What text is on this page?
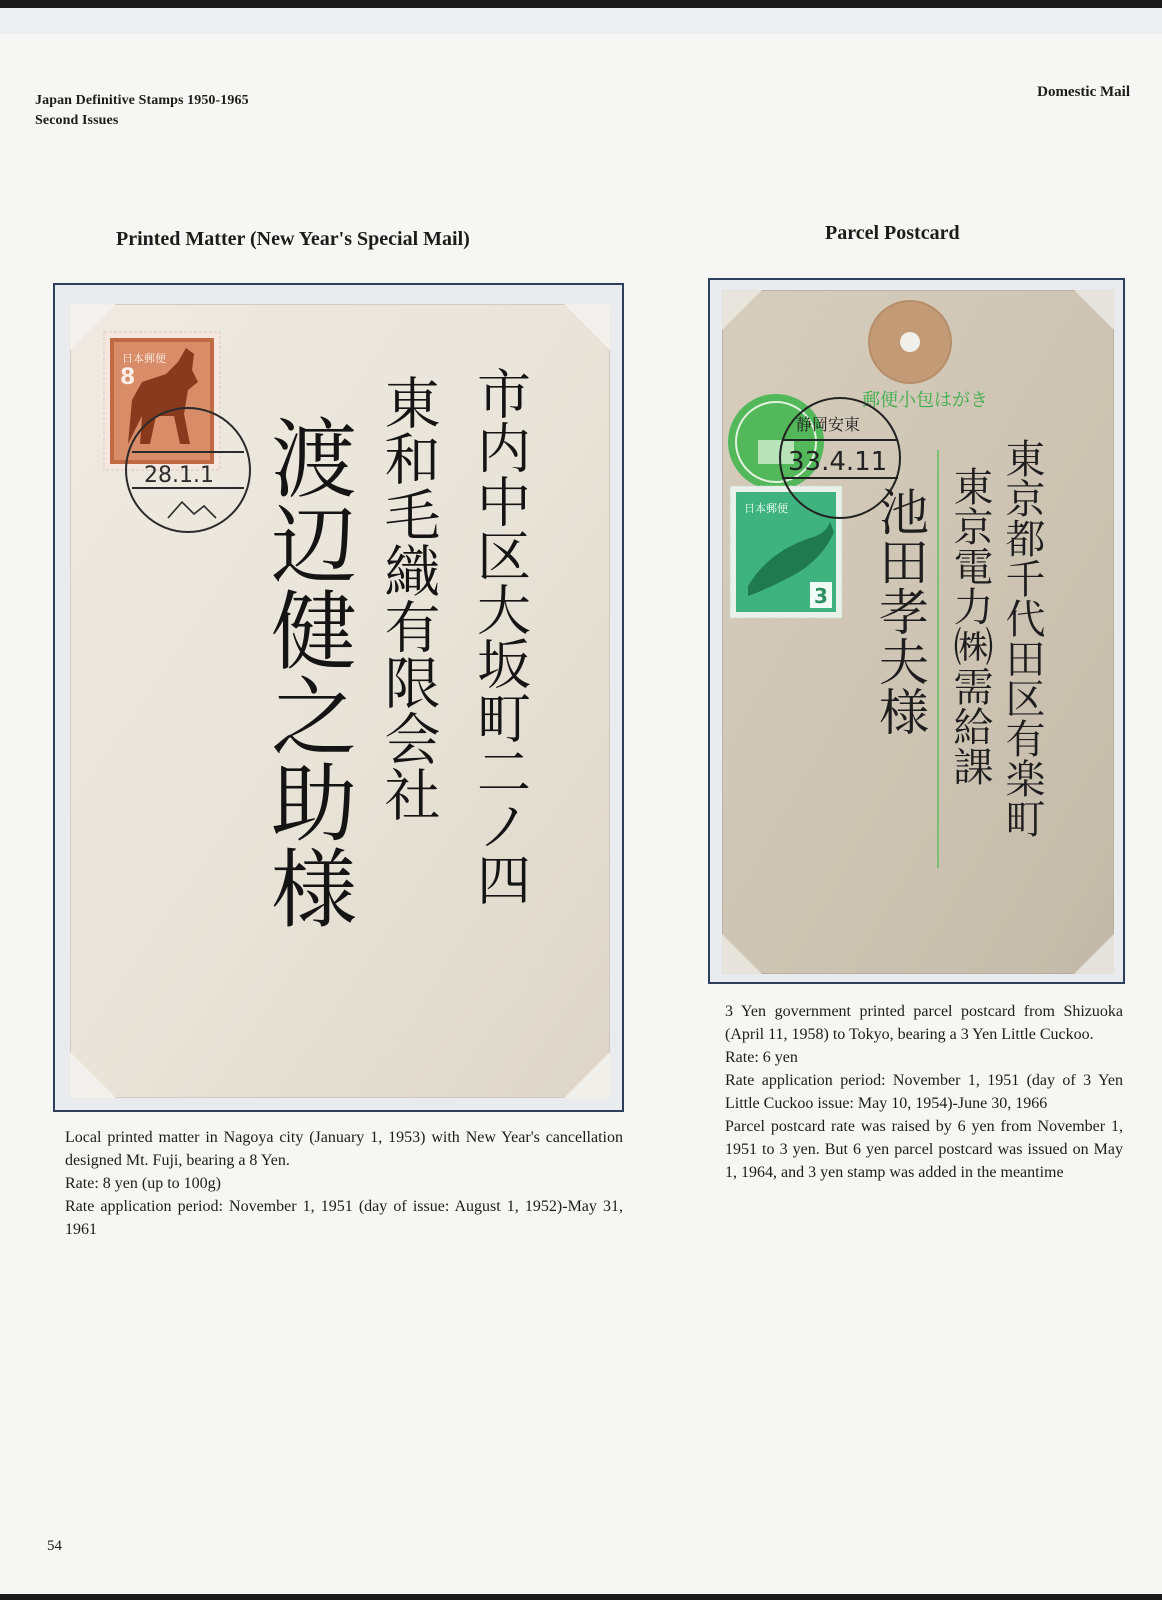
Japan Definitive Stamps 1950-1965
Second Issues
Domestic Mail
Printed Matter (New Year's Special Mail)	Parcel Postcard
日本郵便
8
28.1.1	市内中区大坂町二ノ四
東和毛織有限会社
渡辺健之助様
郵便小包はがき
日本郵便
3
静岡安東
33.4.11	東京都千代田区有楽町
東京電力㈱需給課
池田孝夫様

Local printed matter in Nagoya city (January 1, 1953) with New Year's cancellation designed Mt. Fuji, bearing a 8 Yen.

Rate: 8 yen (up to 100g)

Rate application period: November 1, 1951 (day of issue: August 1, 1952)-May 31, 1961

3 Yen government printed parcel postcard from Shizuoka (April 11, 1958) to Tokyo, bearing a 3 Yen Little Cuckoo.

Rate: 6 yen

Rate application period: November 1, 1951 (day of 3 Yen Little Cuckoo issue: May 10, 1954)-June 30, 1966

Parcel postcard rate was raised by 6 yen from November 1, 1951 to 3 yen. But 6 yen parcel postcard was issued on May 1, 1964, and 3 yen stamp was added in the meantime

54
